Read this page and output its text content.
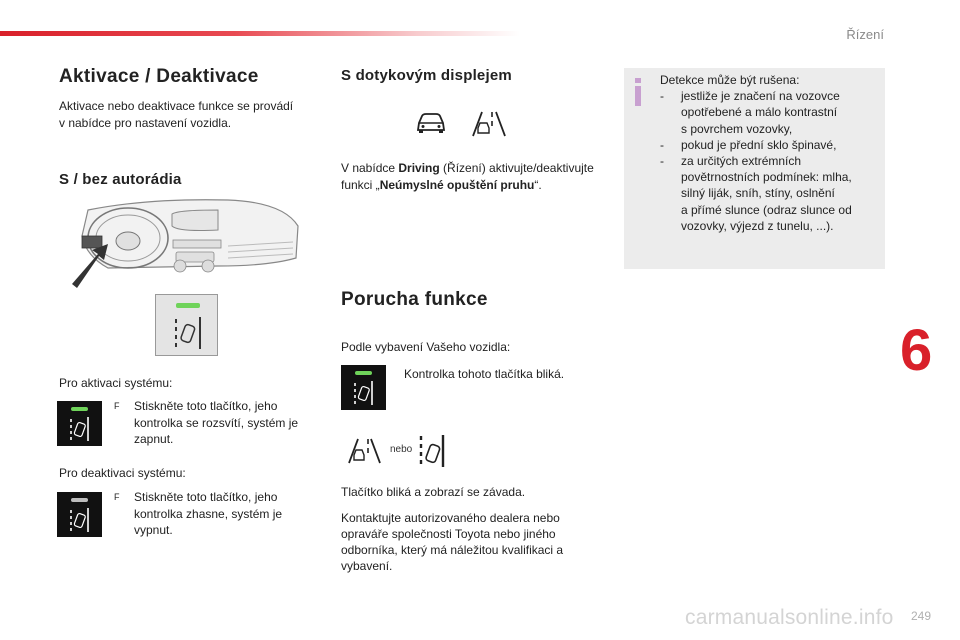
Řízení
6
249
carmanualsonline.info
Aktivace / Deaktivace
Aktivace nebo deaktivace funkce se provádí
v nabídce pro nastavení vozidla.
S / bez autorádia
Pro aktivaci systému:
F	Stiskněte toto tlačítko, jeho
kontrolka se rozsvítí, systém je
zapnut.
Pro deaktivaci systému:
F	Stiskněte toto tlačítko, jeho
kontrolka zhasne, systém je
vypnut.
S dotykovým displejem
V nabídce Driving (Řízení) aktivujte/deaktivujte
funkci „Neúmyslné opuštění pruhu“.
Porucha funkce
Podle vybavení Vašeho vozidla:
Kontrolka tohoto tlačítka bliká.
nebo
Tlačítko bliká a zobrazí se závada.
Kontaktujte autorizovaného dealera nebo
opraváře společnosti Toyota nebo jiného
odborníka, který má náležitou kvalifikaci a
vybavení.
Detekce může být rušena:
-	jestliže je značení na vozovce
opotřebené a málo kontrastní
s povrchem vozovky,
-	pokud je přední sklo špinavé,
-	za určitých extrémních
povětrnostních podmínek: mlha,
silný liják, sníh, stíny, oslnění
a přímé slunce (odraz slunce od
vozovky, výjezd z tunelu, ...).
